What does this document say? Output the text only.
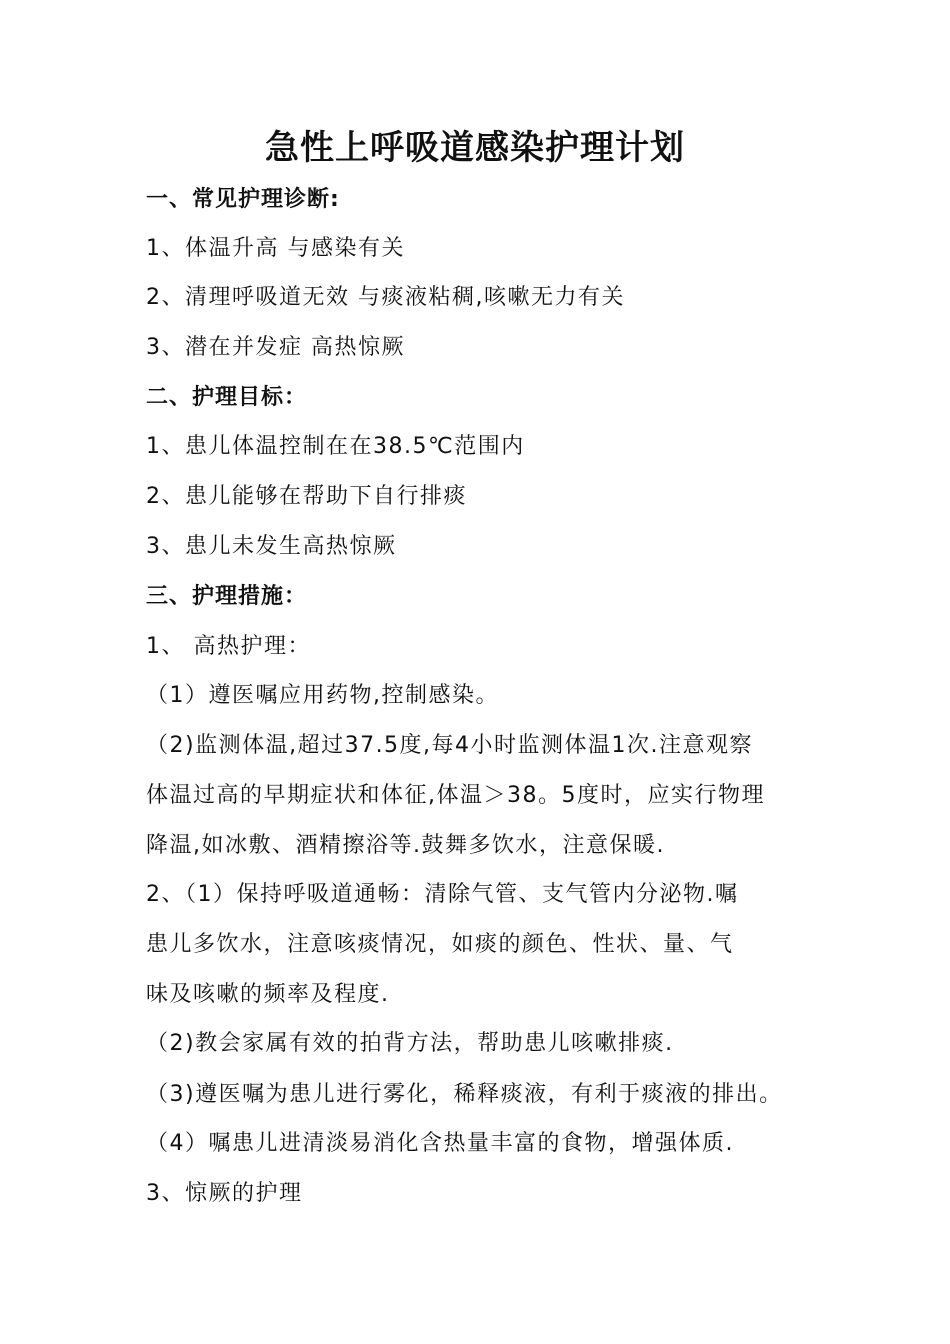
急性上呼吸道感染护理计划
一、常见护理诊断:
1、体温升高 与感染有关
2、清理呼吸道无效 与痰液粘稠,咳嗽无力有关
3、潜在并发症 高热惊厥
二、护理目标：
1、患儿体温控制在在38.5℃范围内
2、患儿能够在帮助下自行排痰
3、患儿未发生高热惊厥
三、护理措施：
1、 高热护理：
（1）遵医嘱应用药物,控制感染。
（2)监测体温,超过37.5度,每4小时监测体温1次.注意观察
体温过高的早期症状和体征,体温＞38。5度时，应实行物理
降温,如冰敷、酒精擦浴等.鼓舞多饮水，注意保暖.
2、（1）保持呼吸道通畅：清除气管、支气管内分泌物.嘱
患儿多饮水，注意咳痰情况，如痰的颜色、性状、量、气
味及咳嗽的频率及程度.
（2)教会家属有效的拍背方法，帮助患儿咳嗽排痰.
（3)遵医嘱为患儿进行雾化，稀释痰液，有利于痰液的排出。
（4）嘱患儿进清淡易消化含热量丰富的食物，增强体质.
3、惊厥的护理
